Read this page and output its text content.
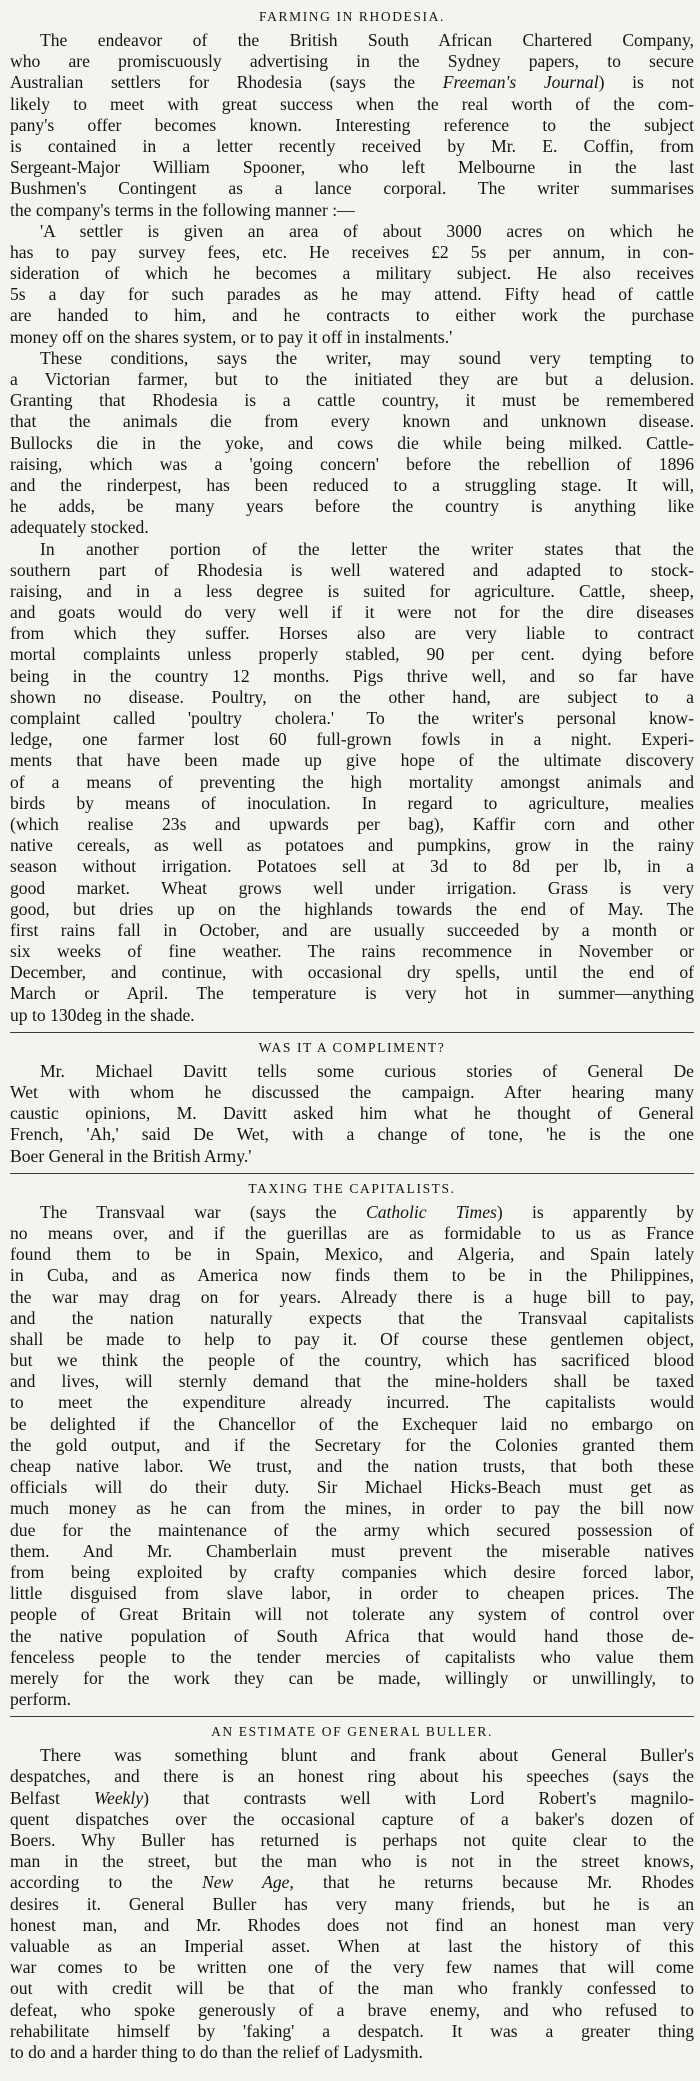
FARMING IN RHODESIA.
The endeavor of the British South African Chartered Company,
who are promiscuously advertising in the Sydney papers, to secure
Australian settlers for Rhodesia (says the Freeman's Journal) is not
likely to meet with great success when the real worth of the com-
pany's offer becomes known. Interesting reference to the subject
is contained in a letter recently received by Mr. E. Coffin, from
Sergeant-Major William Spooner, who left Melbourne in the last
Bushmen's Contingent as a lance corporal. The writer summarises
the company's terms in the following manner :—
'A settler is given an area of about 3000 acres on which he
has to pay survey fees, etc. He receives £2 5s per annum, in con-
sideration of which he becomes a military subject. He also receives
5s a day for such parades as he may attend. Fifty head of cattle
are handed to him, and he contracts to either work the purchase
money off on the shares system, or to pay it off in instalments.'
These conditions, says the writer, may sound very tempting to
a Victorian farmer, but to the initiated they are but a delusion.
Granting that Rhodesia is a cattle country, it must be remembered
that the animals die from every known and unknown disease.
Bullocks die in the yoke, and cows die while being milked. Cattle-
raising, which was a 'going concern' before the rebellion of 1896
and the rinderpest, has been reduced to a struggling stage. It will,
he adds, be many years before the country is anything like
adequately stocked.
In another portion of the letter the writer states that the
southern part of Rhodesia is well watered and adapted to stock-
raising, and in a less degree is suited for agriculture. Cattle, sheep,
and goats would do very well if it were not for the dire diseases
from which they suffer. Horses also are very liable to contract
mortal complaints unless properly stabled, 90 per cent. dying before
being in the country 12 months. Pigs thrive well, and so far have
shown no disease. Poultry, on the other hand, are subject to a
complaint called 'poultry cholera.' To the writer's personal know-
ledge, one farmer lost 60 full-grown fowls in a night. Experi-
ments that have been made up give hope of the ultimate discovery
of a means of preventing the high mortality amongst animals and
birds by means of inoculation. In regard to agriculture, mealies
(which realise 23s and upwards per bag), Kaffir corn and other
native cereals, as well as potatoes and pumpkins, grow in the rainy
season without irrigation. Potatoes sell at 3d to 8d per lb, in a
good market. Wheat grows well under irrigation. Grass is very
good, but dries up on the highlands towards the end of May. The
first rains fall in October, and are usually succeeded by a month or
six weeks of fine weather. The rains recommence in November or
December, and continue, with occasional dry spells, until the end of
March or April. The temperature is very hot in summer—anything
up to 130deg in the shade.
WAS IT A COMPLIMENT?
Mr. Michael Davitt tells some curious stories of General De
Wet with whom he discussed the campaign. After hearing many
caustic opinions, M. Davitt asked him what he thought of General
French, 'Ah,' said De Wet, with a change of tone, 'he is the one
Boer General in the British Army.'
TAXING THE CAPITALISTS.
The Transvaal war (says the Catholic Times) is apparently by
no means over, and if the guerillas are as formidable to us as France
found them to be in Spain, Mexico, and Algeria, and Spain lately
in Cuba, and as America now finds them to be in the Philippines,
the war may drag on for years. Already there is a huge bill to pay,
and the nation naturally expects that the Transvaal capitalists
shall be made to help to pay it. Of course these gentlemen object,
but we think the people of the country, which has sacrificed blood
and lives, will sternly demand that the mine-holders shall be taxed
to meet the expenditure already incurred. The capitalists would
be delighted if the Chancellor of the Exchequer laid no embargo on
the gold output, and if the Secretary for the Colonies granted them
cheap native labor. We trust, and the nation trusts, that both these
officials will do their duty. Sir Michael Hicks-Beach must get as
much money as he can from the mines, in order to pay the bill now
due for the maintenance of the army which secured possession of
them. And Mr. Chamberlain must prevent the miserable natives
from being exploited by crafty companies which desire forced labor,
little disguised from slave labor, in order to cheapen prices. The
people of Great Britain will not tolerate any system of control over
the native population of South Africa that would hand those de-
fenceless people to the tender mercies of capitalists who value them
merely for the work they can be made, willingly or unwillingly, to
perform.
AN ESTIMATE OF GENERAL BULLER.
There was something blunt and frank about General Buller's
despatches, and there is an honest ring about his speeches (says the
Belfast Weekly) that contrasts well with Lord Robert's magnilo-
quent dispatches over the occasional capture of a baker's dozen of
Boers. Why Buller has returned is perhaps not quite clear to the
man in the street, but the man who is not in the street knows,
according to the New Age, that he returns because Mr. Rhodes
desires it. General Buller has very many friends, but he is an
honest man, and Mr. Rhodes does not find an honest man very
valuable as an Imperial asset. When at last the history of this
war comes to be written one of the very few names that will come
out with credit will be that of the man who frankly confessed to
defeat, who spoke generously of a brave enemy, and who refused to
rehabilitate himself by 'faking' a despatch. It was a greater thing
to do and a harder thing to do than the relief of Ladysmith.
